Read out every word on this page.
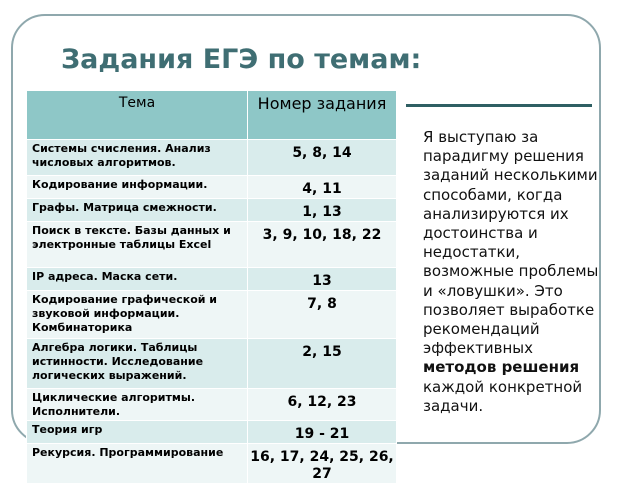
Задания ЕГЭ по темам:
Тема	Номер задания

Системы счисления. Анализ числовых алгоритмов.	5, 8, 14
Кодирование информации.	4, 11
Графы. Матрица смежности.	1, 13
Поиск в тексте. Базы данных и электронные таблицы Excel	3, 9, 10, 18, 22
IP адреса. Маска сети.	13
Кодирование графической и звуковой информации. Комбинаторика	7, 8
Алгебра логики. Таблицы истинности. Исследование логических выражений.	2, 15
Циклические алгоритмы. Исполнители.	6, 12, 23
Теория игр	19 - 21
Рекурсия. Программирование	16, 17, 24, 25, 26, 27

Я выступаю за парадигму решения заданий несколькими способами, когда анализируются их достоинства и недостатки, возможные проблемы и «ловушки». Это позволяет выработке рекомендаций эффективных методов решения каждой конкретной задачи.
